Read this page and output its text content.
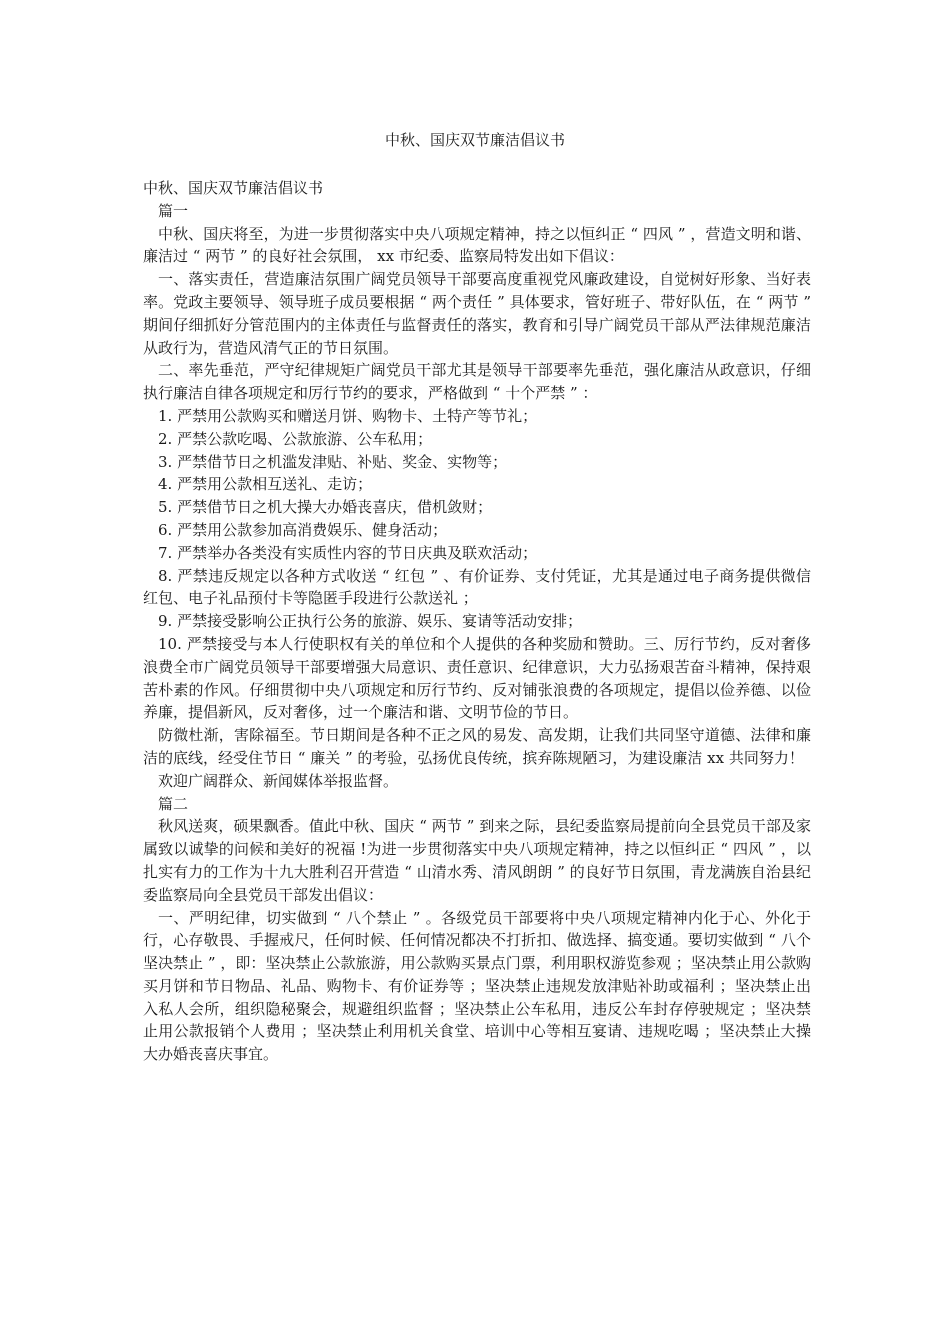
中秋、国庆双节廉洁倡议书

中秋、国庆双节廉洁倡议书

篇一

中秋、国庆将至，为进一步贯彻落实中央八项规定精神，持之以恒纠正 “ 四风 ” ，营造文明和谐、廉洁过 “ 两节 ” 的良好社会氛围， xx 市纪委、监察局特发出如下倡议：

一、落实责任，营造廉洁氛围广阔党员领导干部要高度重视党风廉政建设，自觉树好形象、当好表率。党政主要领导、领导班子成员要根据 “ 两个责任 ” 具体要求，管好班子、带好队伍，在 “ 两节 ” 期间仔细抓好分管范围内的主体责任与监督责任的落实，教育和引导广阔党员干部从严法律规范廉洁从政行为，营造风清气正的节日氛围。

二、率先垂范，严守纪律规矩广阔党员干部尤其是领导干部要率先垂范，强化廉洁从政意识，仔细执行廉洁自律各项规定和厉行节约的要求，严格做到 “ 十个严禁 ” ：

1. 严禁用公款购买和赠送月饼、购物卡、土特产等节礼；

2. 严禁公款吃喝、公款旅游、公车私用；

3. 严禁借节日之机滥发津贴、补贴、奖金、实物等；

4. 严禁用公款相互送礼、走访；

5. 严禁借节日之机大操大办婚丧喜庆，借机敛财；

6. 严禁用公款参加高消费娱乐、健身活动；

7. 严禁举办各类没有实质性内容的节日庆典及联欢活动；

8. 严禁违反规定以各种方式收送 “ 红包 ” 、有价证券、支付凭证，尤其是通过电子商务提供微信红包、电子礼品预付卡等隐匿手段进行公款送礼 ；

9. 严禁接受影响公正执行公务的旅游、娱乐、宴请等活动安排；

10. 严禁接受与本人行使职权有关的单位和个人提供的各种奖励和赞助。三、厉行节约，反对奢侈浪费全市广阔党员领导干部要增强大局意识、责任意识、纪律意识，大力弘扬艰苦奋斗精神，保持艰苦朴素的作风。仔细贯彻中央八项规定和厉行节约、反对铺张浪费的各项规定，提倡以俭养德、以俭养廉，提倡新风，反对奢侈，过一个廉洁和谐、文明节俭的节日。

防微杜渐，害除福至。节日期间是各种不正之风的易发、高发期，让我们共同坚守道德、法律和廉洁的底线，经受住节日 “ 廉关 ” 的考验，弘扬优良传统，摈弃陈规陋习，为建设廉洁 xx 共同努力！

欢迎广阔群众、新闻媒体举报监督。

篇二

秋风送爽，硕果飘香。值此中秋、国庆 “ 两节 ” 到来之际，县纪委监察局提前向全县党员干部及家属致以诚挚的问候和美好的祝福 !为进一步贯彻落实中央八项规定精神，持之以恒纠正 “ 四风 ” ，以扎实有力的工作为十九大胜利召开营造 “ 山清水秀、清风朗朗 ” 的良好节日氛围，青龙满族自治县纪委监察局向全县党员干部发出倡议：

一、严明纪律，切实做到 “ 八个禁止 ” 。各级党员干部要将中央八项规定精神内化于心、外化于行，心存敬畏、手握戒尺，任何时候、任何情况都决不打折扣、做选择、搞变通。要切实做到 “ 八个坚决禁止 ” ，即：坚决禁止公款旅游，用公款购买景点门票，利用职权游览参观 ；坚决禁止用公款购买月饼和节日物品、礼品、购物卡、有价证券等 ；坚决禁止违规发放津贴补助或福利 ；坚决禁止出入私人会所，组织隐秘聚会，规避组织监督 ；坚决禁止公车私用，违反公车封存停驶规定 ；坚决禁止用公款报销个人费用 ；坚决禁止利用机关食堂、培训中心等相互宴请、违规吃喝 ；坚决禁止大操大办婚丧喜庆事宜。
